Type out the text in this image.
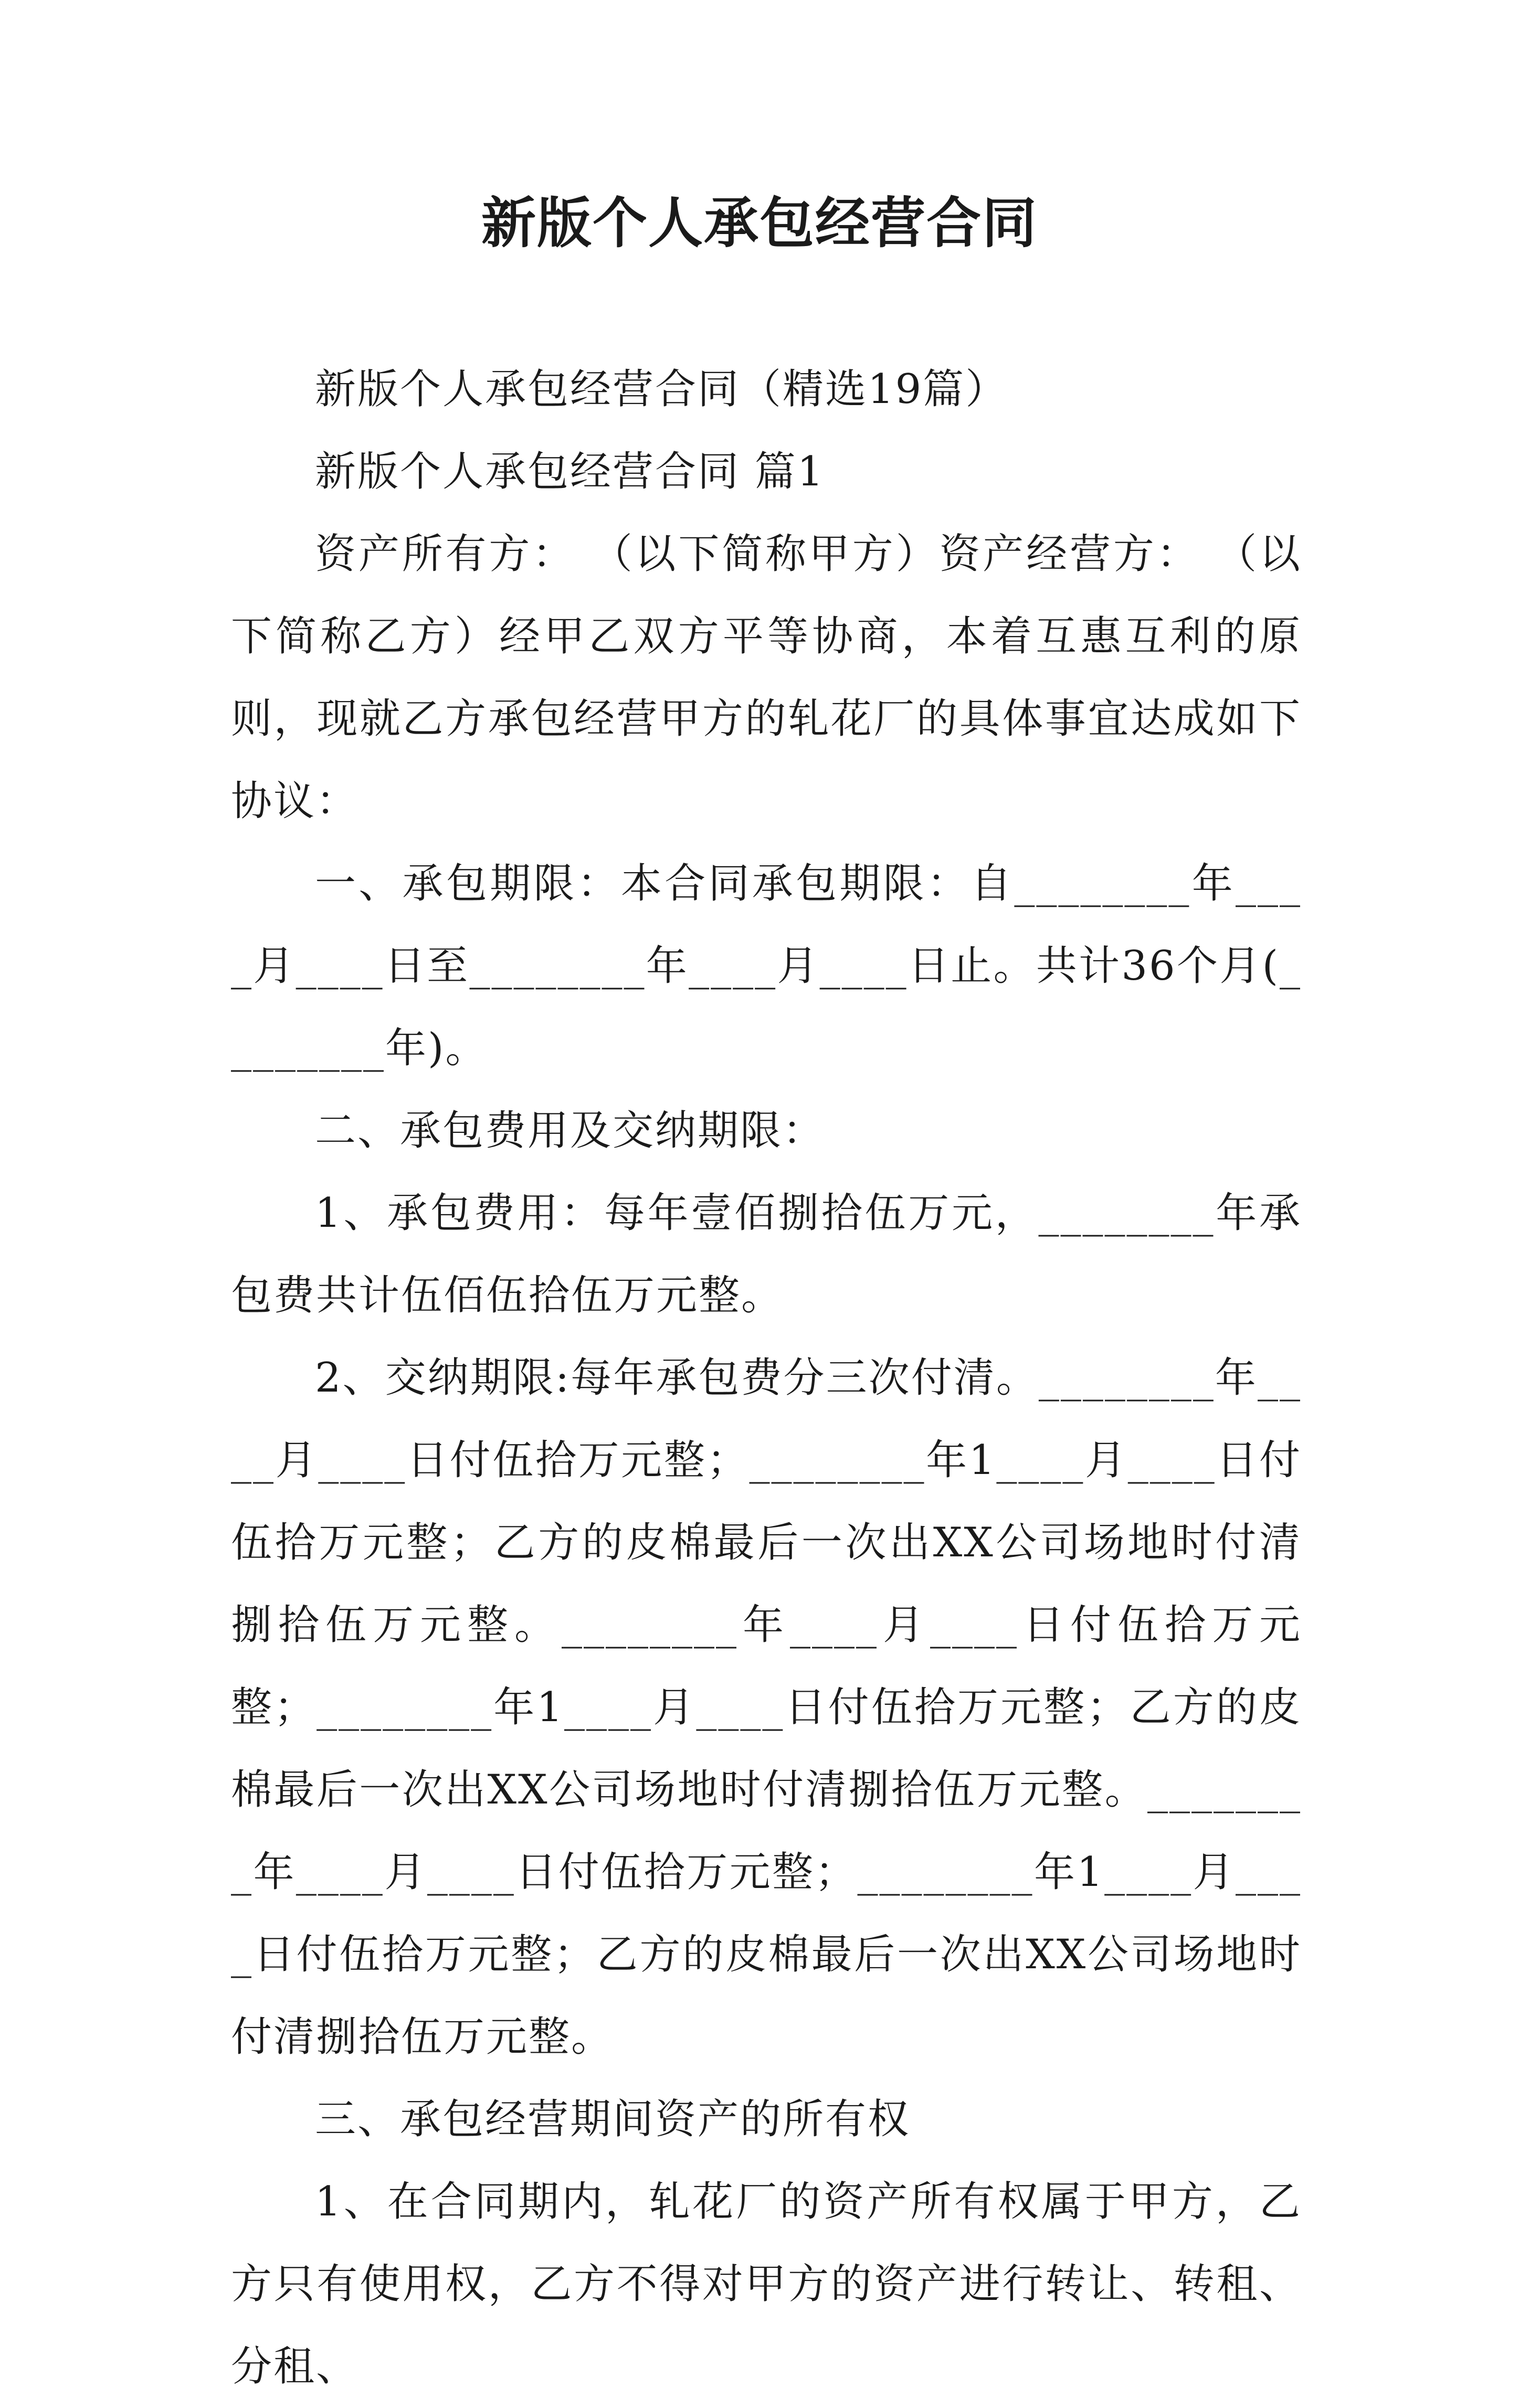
新版个人承包经营合同

新版个人承包经营合同（精选19篇）

新版个人承包经营合同 篇1

资产所有方： （以下简称甲方）资产经营方： （以下简称乙方）经甲乙双方平等协商，本着互惠互利的原则，现就乙方承包经营甲方的轧花厂的具体事宜达成如下协议：

一、承包期限：本合同承包期限：自________年____月____日至________年____月____日止。共计36个月(________年)。

二、承包费用及交纳期限：

1、承包费用：每年壹佰捌拾伍万元，________年承包费共计伍佰伍拾伍万元整。

2、交纳期限:每年承包费分三次付清。________年____月____日付伍拾万元整；________年1____月____日付伍拾万元整；乙方的皮棉最后一次出XX公司场地时付清捌拾伍万元整。________年____月____日付伍拾万元整；________年1____月____日付伍拾万元整；乙方的皮棉最后一次出XX公司场地时付清捌拾伍万元整。________年____月____日付伍拾万元整；________年1____月____日付伍拾万元整；乙方的皮棉最后一次出XX公司场地时付清捌拾伍万元整。

三、承包经营期间资产的所有权

1、在合同期内，轧花厂的资产所有权属于甲方，乙方只有使用权，乙方不得对甲方的资产进行转让、转租、分租、
